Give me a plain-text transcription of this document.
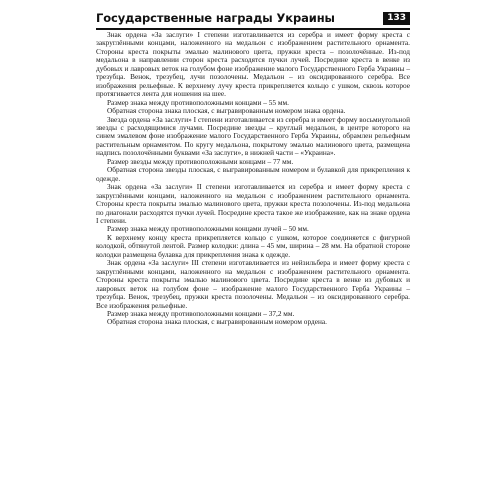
Государственные награды Украины	133

Знак ордена «За заслуги» I степени изготавливается из серебра и имеет форму креста с закруглёнными концами, наложенного на медальон с изображением растительного орнамента. Стороны креста покрыты эмалью малинового цвета, пружки креста – позолочённые. Из-под медальона в направлении сторон креста расходятся пучки лучей. Посредине креста в венке из дубовых и лавровых веток на голубом фоне изображение малого Государственного Герба Украины – трезубца. Венок, трезубец, лучи позолочены. Медальон – из оксидированного серебра. Все изображения рельефные. К верхнему лучу креста прикрепляется кольцо с ушком, сквозь которое протягивается лента для ношения на шее.

Размер знака между противоположными концами – 55 мм.

Обратная сторона знака плоская, с выгравированным номером знака ордена.

Звезда ордена «За заслуги» I степени изготавливается из серебра и имеет форму восьмиугольной звезды с расходящимися лучами. Посредине звезды – круглый медальон, в центре которого на синем эмалевом фоне изображение малого Государственного Герба Украины, обрамлен рельефным растительным орнаментом. По кругу медальона, покрытому эмалью малинового цвета, размещена надпись позолочёнными буквами «За заслуги», в нижней части – «Украина».

Размер звезды между противоположными концами – 77 мм.

Обратная сторона звезды плоская, с выгравированным номером и булавкой для прикрепления к одежде.

Знак ордена «За заслуги» II степени изготавливается из серебра и имеет форму креста с закруглёнными концами, наложенного на медальон с изображением растительного орнамента. Стороны креста покрыты эмалью малинового цвета, пружки креста позолочены. Из-под медальона по диагонали расходятся пучки лучей. Посредине креста такое же изображение, как на знаке ордена I степени.

Размер знака между противоположными концами лучей – 50 мм.

К верхнему концу креста прикрепляется кольцо с ушком, которое соединяется с фигурной колодкой, обтянутой лентой. Размер колодки: длина – 45 мм, ширина – 28 мм. На обратной стороне колодки размещена булавка для прикрепления знака к одежде.

Знак ордена «За заслуги» III степени изготавливается из нейзильбера и имеет форму креста с закруглёнными концами, наложенного на медальон с изображением растительного орнамента. Стороны креста покрыты эмалью малинового цвета. Посредине креста в венке из дубовых и лавровых веток на голубом фоне – изображение малого Государственного Герба Украины – трезубца. Венок, трезубец, пружки креста позолочены. Медальон – из оксидированного серебра. Все изображения рельефные.

Размер знака между противоположными концами – 37,2 мм.

Обратная сторона знака плоская, с выгравированным номером ордена.
